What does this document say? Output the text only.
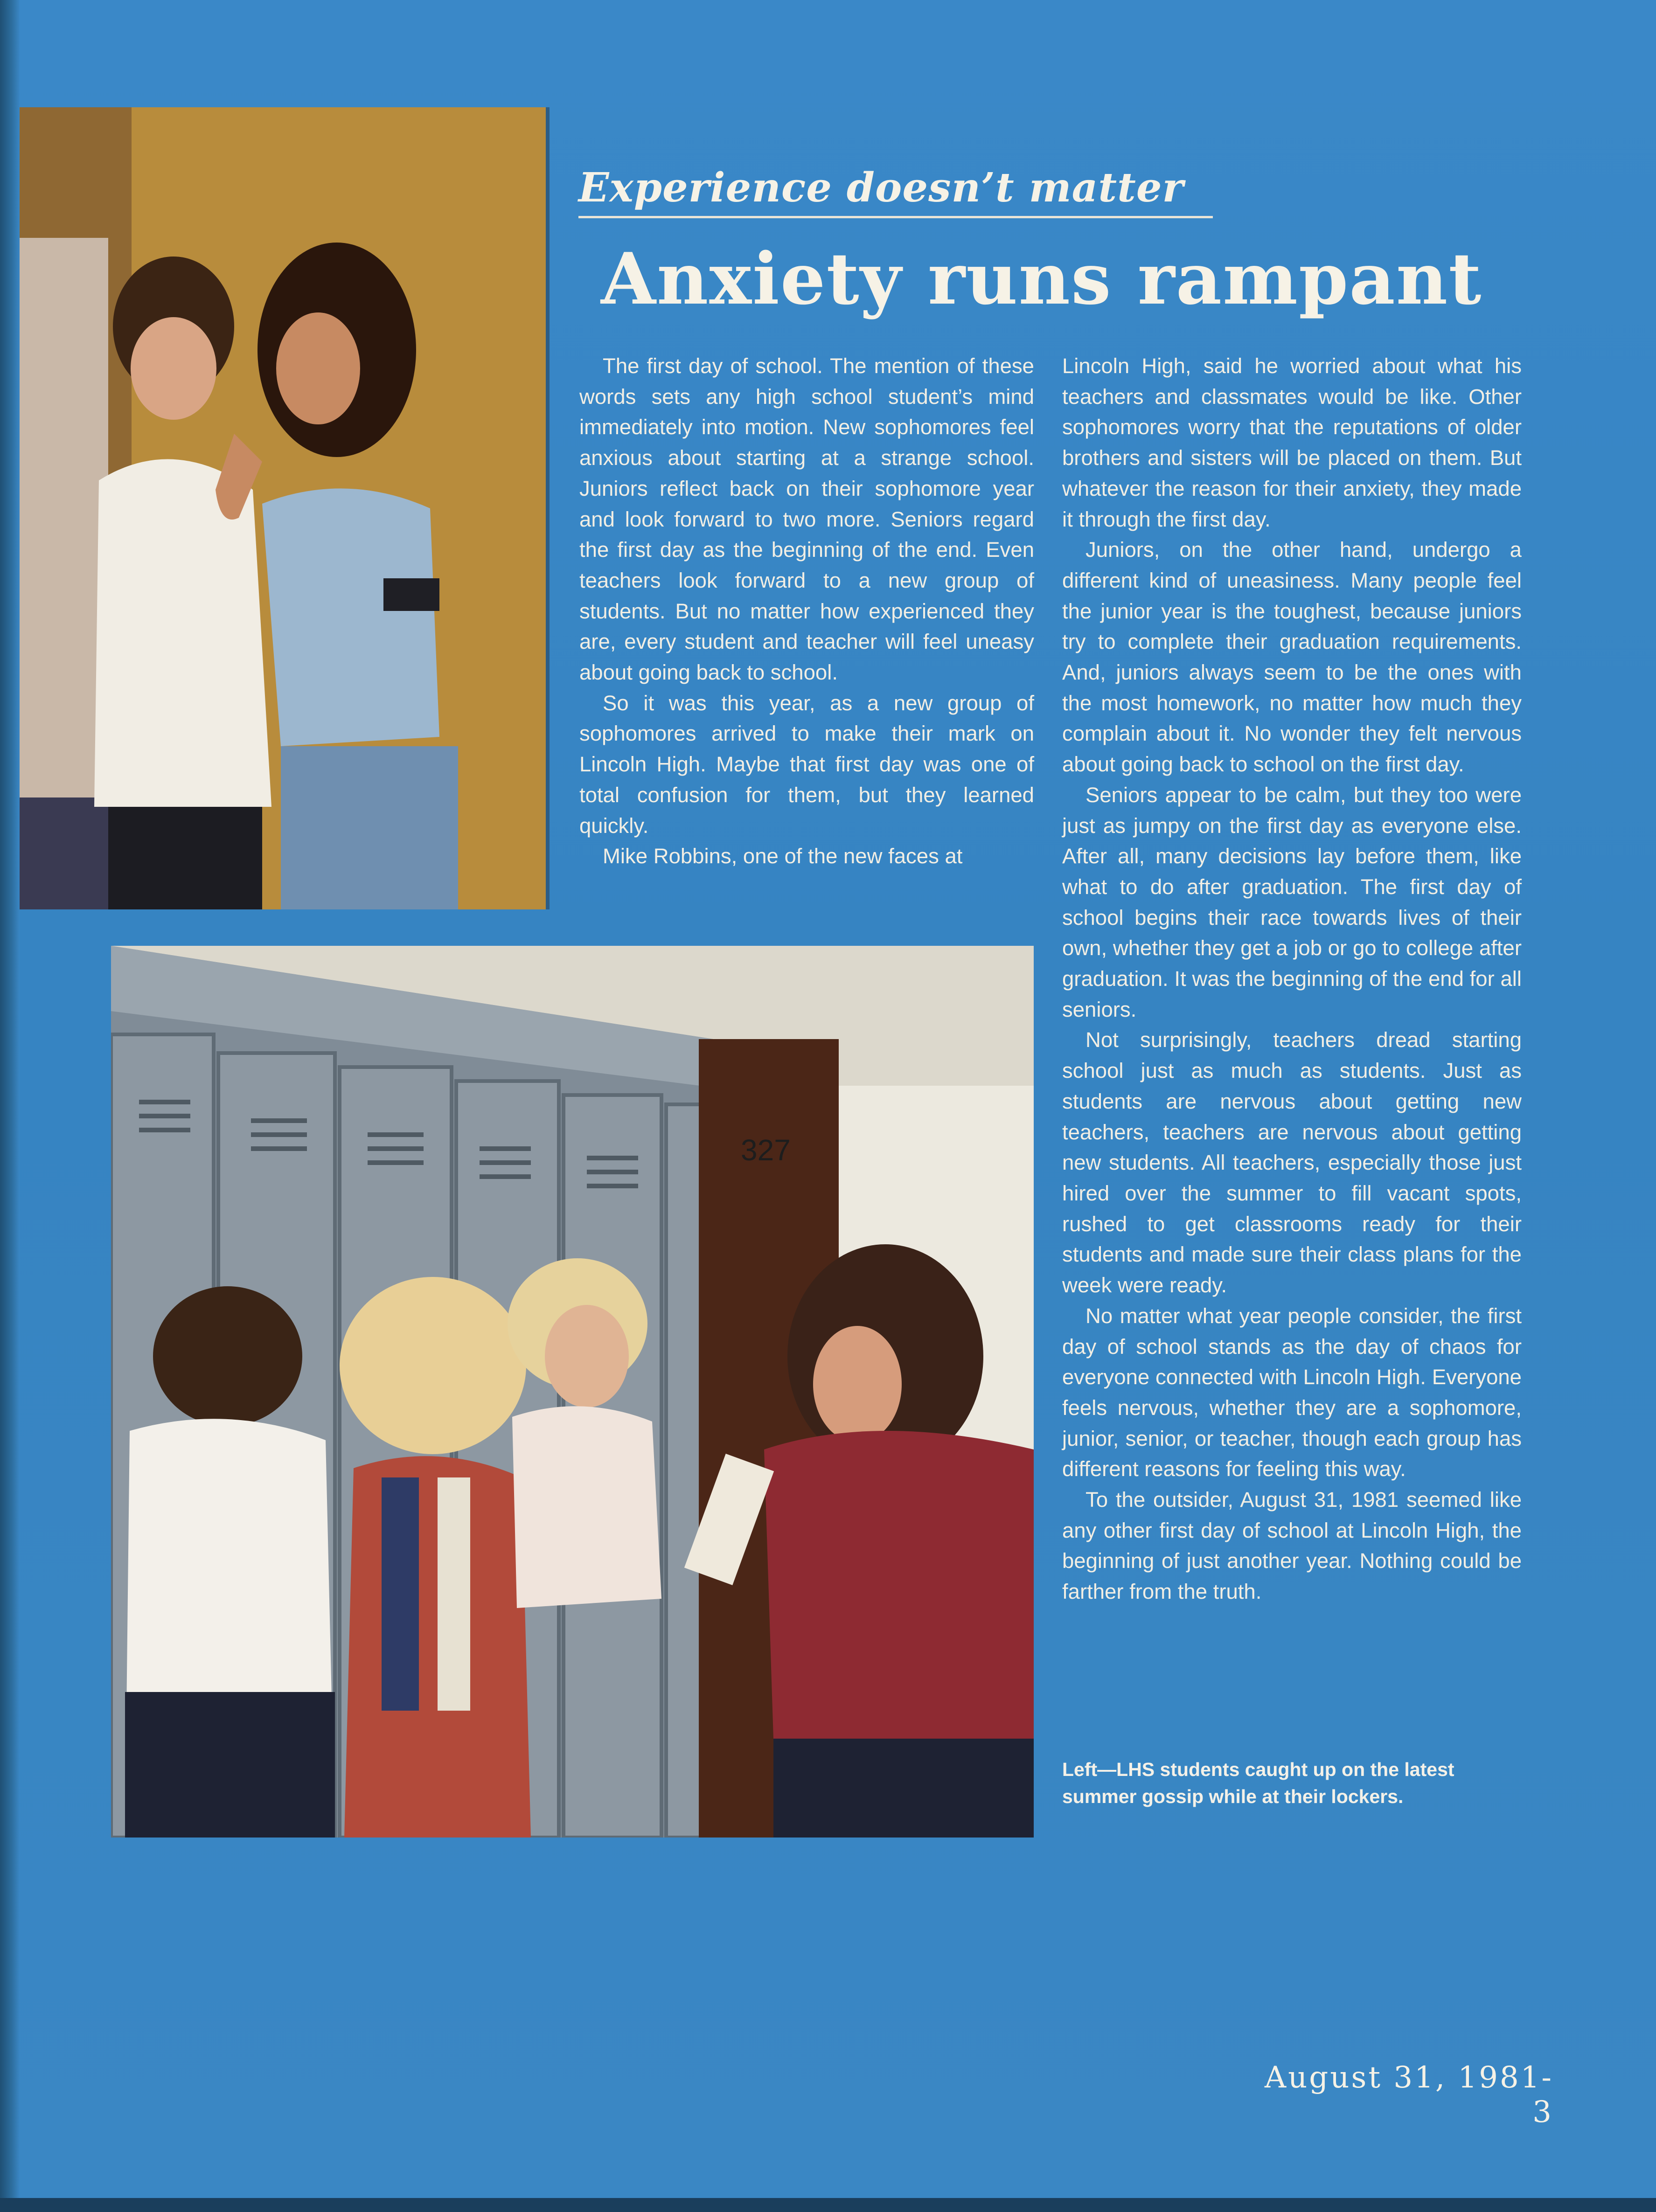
327
Experience doesn’t matter
Anxiety runs rampant

The first day of school. The mention of these words sets any high school student’s mind immediately into motion. New sophomores feel anxious about starting at a strange school. Juniors reflect back on their sophomore year and look forward to two more. Seniors regard the first day as the beginning of the end. Even teachers look forward to a new group of students. But no matter how experienced they are, every student and teacher will feel uneasy about going back to school.

So it was this year, as a new group of sophomores arrived to make their mark on Lincoln High. Maybe that first day was one of total confusion for them, but they learned quickly.

Mike Robbins, one of the new faces at

Lincoln High, said he worried about what his teachers and classmates would be like. Other sophomores worry that the reputations of older brothers and sisters will be placed on them. But whatever the reason for their anxiety, they made it through the first day.

Juniors, on the other hand, undergo a different kind of uneasiness. Many people feel the junior year is the toughest, because juniors try to complete their graduation requirements. And, juniors always seem to be the ones with the most homework, no matter how much they complain about it. No wonder they felt nervous about going back to school on the first day.

Seniors appear to be calm, but they too were just as jumpy on the first day as everyone else. After all, many decisions lay before them, like what to do after graduation. The first day of school begins their race towards lives of their own, whether they get a job or go to college after graduation. It was the beginning of the end for all seniors.

Not surprisingly, teachers dread starting school just as much as students. Just as students are nervous about getting new teachers, teachers are nervous about getting new students. All teachers, especially those just hired over the summer to fill vacant spots, rushed to get classrooms ready for their students and made sure their class plans for the week were ready.

No matter what year people consider, the first day of school stands as the day of chaos for everyone connected with Lincoln High. Everyone feels nervous, whether they are a sophomore, junior, senior, or teacher, though each group has different reasons for feeling this way.

To the outsider, August 31, 1981 seemed like any other first day of school at Lincoln High, the beginning of just another year. Nothing could be farther from the truth.

Left—LHS students caught up on the latest summer gossip while at their lockers.
August 31, 1981-3
